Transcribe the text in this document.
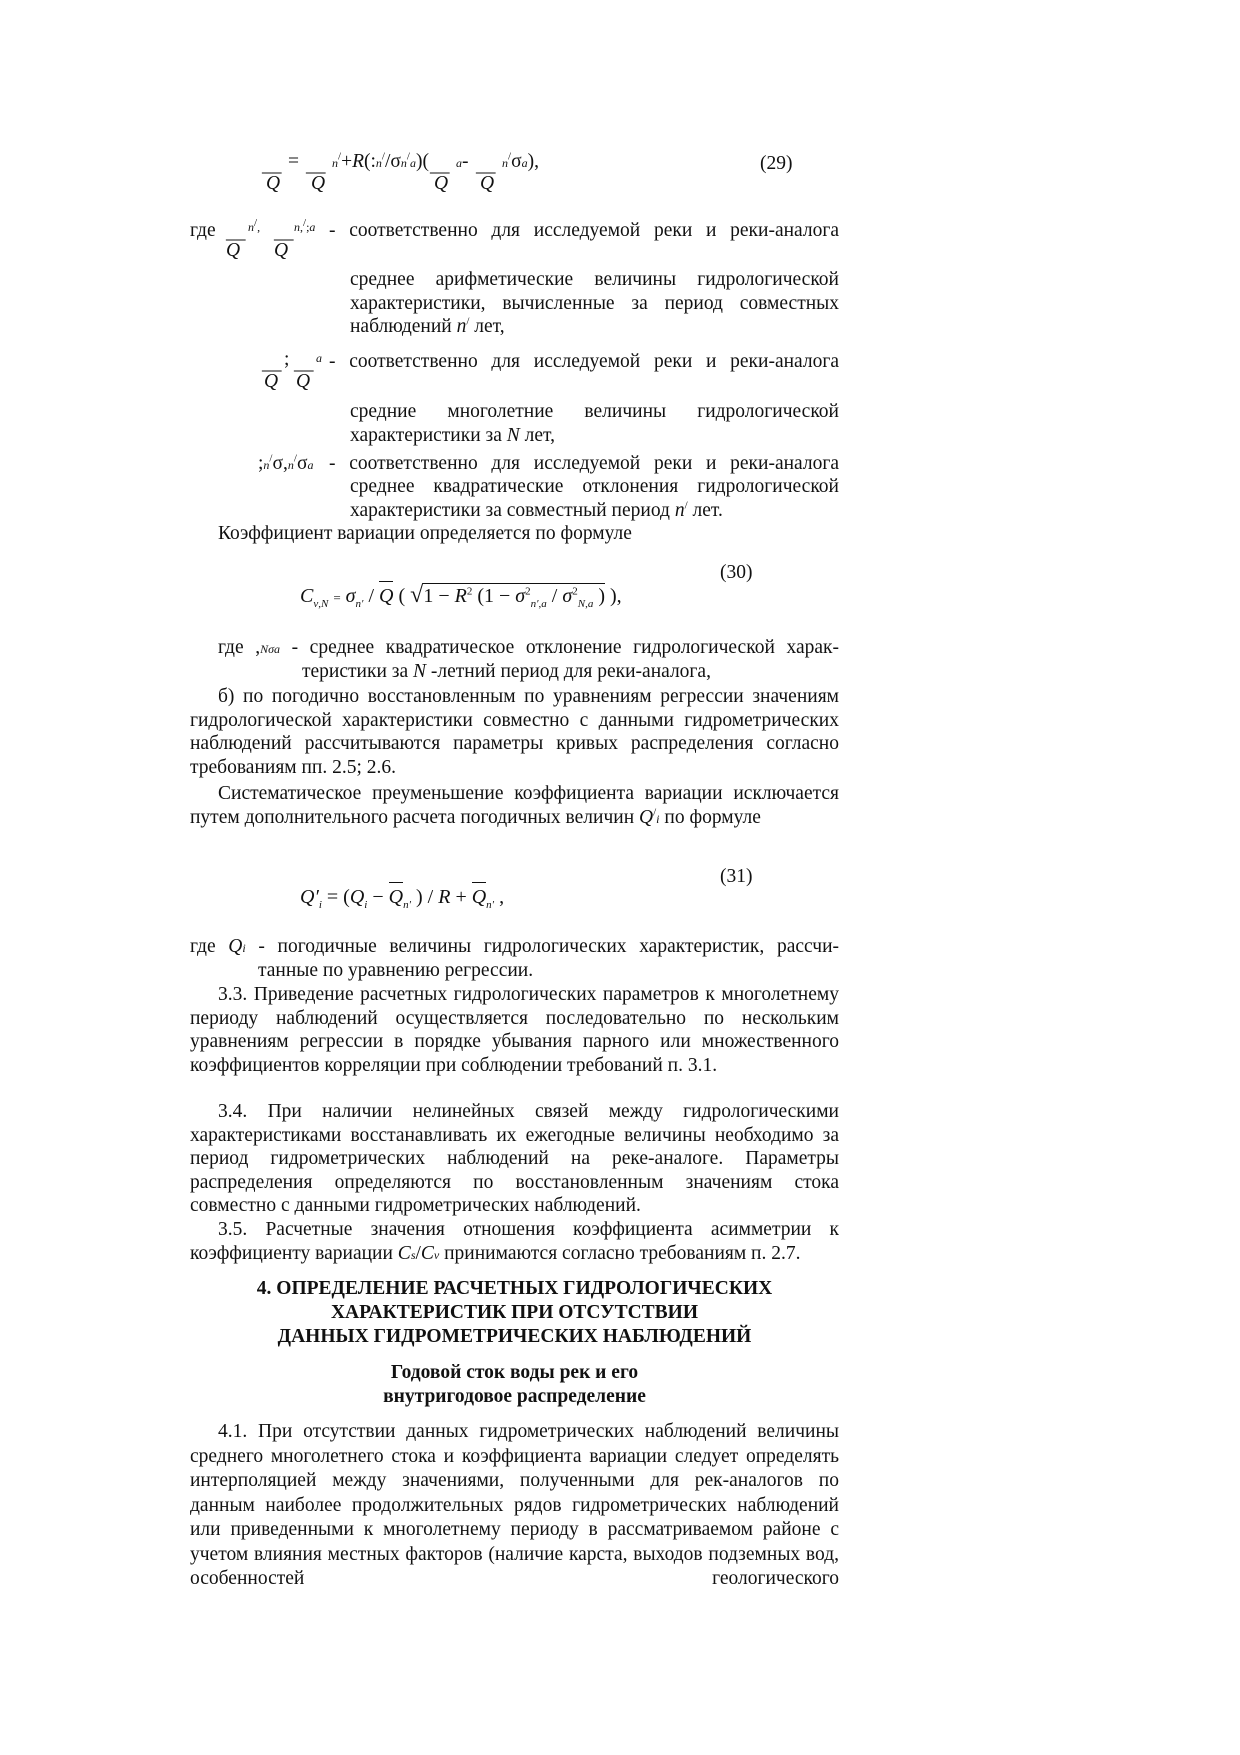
__ = __ n/+R(:n//σn/a)( __ a- __ n/σa),
Q Q	Q Q
(29)
где __ n/, __ n,/;a
Q Q
- соответственно для исследуемой реки и реки-аналога
среднее арифметические величины гидрологической
характеристики, вычисленные за период совместных
наблюдений n/ лет,
__ ; __ a
Q Q
- соответственно для исследуемой реки и реки-аналога
средние многолетние величины гидрологической
характеристики за N лет,
;n/σ,n/σa - соответственно для исследуемой реки и реки-аналога
среднее квадратические отклонения гидрологической
характеристики за совместный период n/ лет.
Коэффициент вариации определяется по формуле
(30)
$C_{v,N} = \sigma_{n'} / Q$ ( $√1 - R^2$ ($1 - \sigma^2_{n',a} / \sigma^2_{N,a}$ ) ),
где ,Nσa - среднее квадратическое отклонение гидрологической харак-
теристики за N -летний период для реки-аналога,
б) по погодично восстановленным по уравнениям регрессии значениям гидрологической характеристики совместно с данными гидрометрических наблюдений рассчитываются параметры кривых распределения согласно требованиям пп. 2.5; 2.6.
Систематическое преуменьшение коэффициента вариации исключается путем дополнительного расчета погодичных величин Q/i по формуле
(31)
$Q'_i = (Q_i - Q_{n'}$ ) / $R + Q_{n'}$ ,
где Qi - погодичные величины гидрологических характеристик, рассчи-
танные по уравнению регрессии.
3.3. Приведение расчетных гидрологических параметров к многолетнему периоду наблюдений осуществляется последовательно по нескольким уравнениям регрессии в порядке убывания парного или множественного коэффициентов корреляции при соблюдении требований п. 3.1.
3.4. При наличии нелинейных связей между гидрологическими характеристиками восстанавливать их ежегодные величины необходимо за период гидрометрических наблюдений на реке-аналоге. Параметры распределения определяются по восстановленным значениям стока совместно с данными гидрометрических наблюдений.
3.5. Расчетные значения отношения коэффициента асимметрии к коэффициенту вариации Cs/Cv принимаются согласно требованиям п. 2.7.
4. ОПРЕДЕЛЕНИЕ РАСЧЕТНЫХ ГИДРОЛОГИЧЕСКИХ
ХАРАКТЕРИСТИК ПРИ ОТСУТСТВИИ
ДАННЫХ ГИДРОМЕТРИЧЕСКИХ НАБЛЮДЕНИЙ
Годовой сток воды рек и его
внутригодовое распределение
4.1. При отсутствии данных гидрометрических наблюдений величины среднего многолетнего стока и коэффициента вариации следует определять интерполяцией между значениями, полученными для рек-аналогов по данным наиболее продолжительных рядов гидрометрических наблюдений или приведенными к многолетнему периоду в рассматриваемом районе с учетом влияния местных факторов (наличие карста, выходов подземных вод, особенностей геологического
